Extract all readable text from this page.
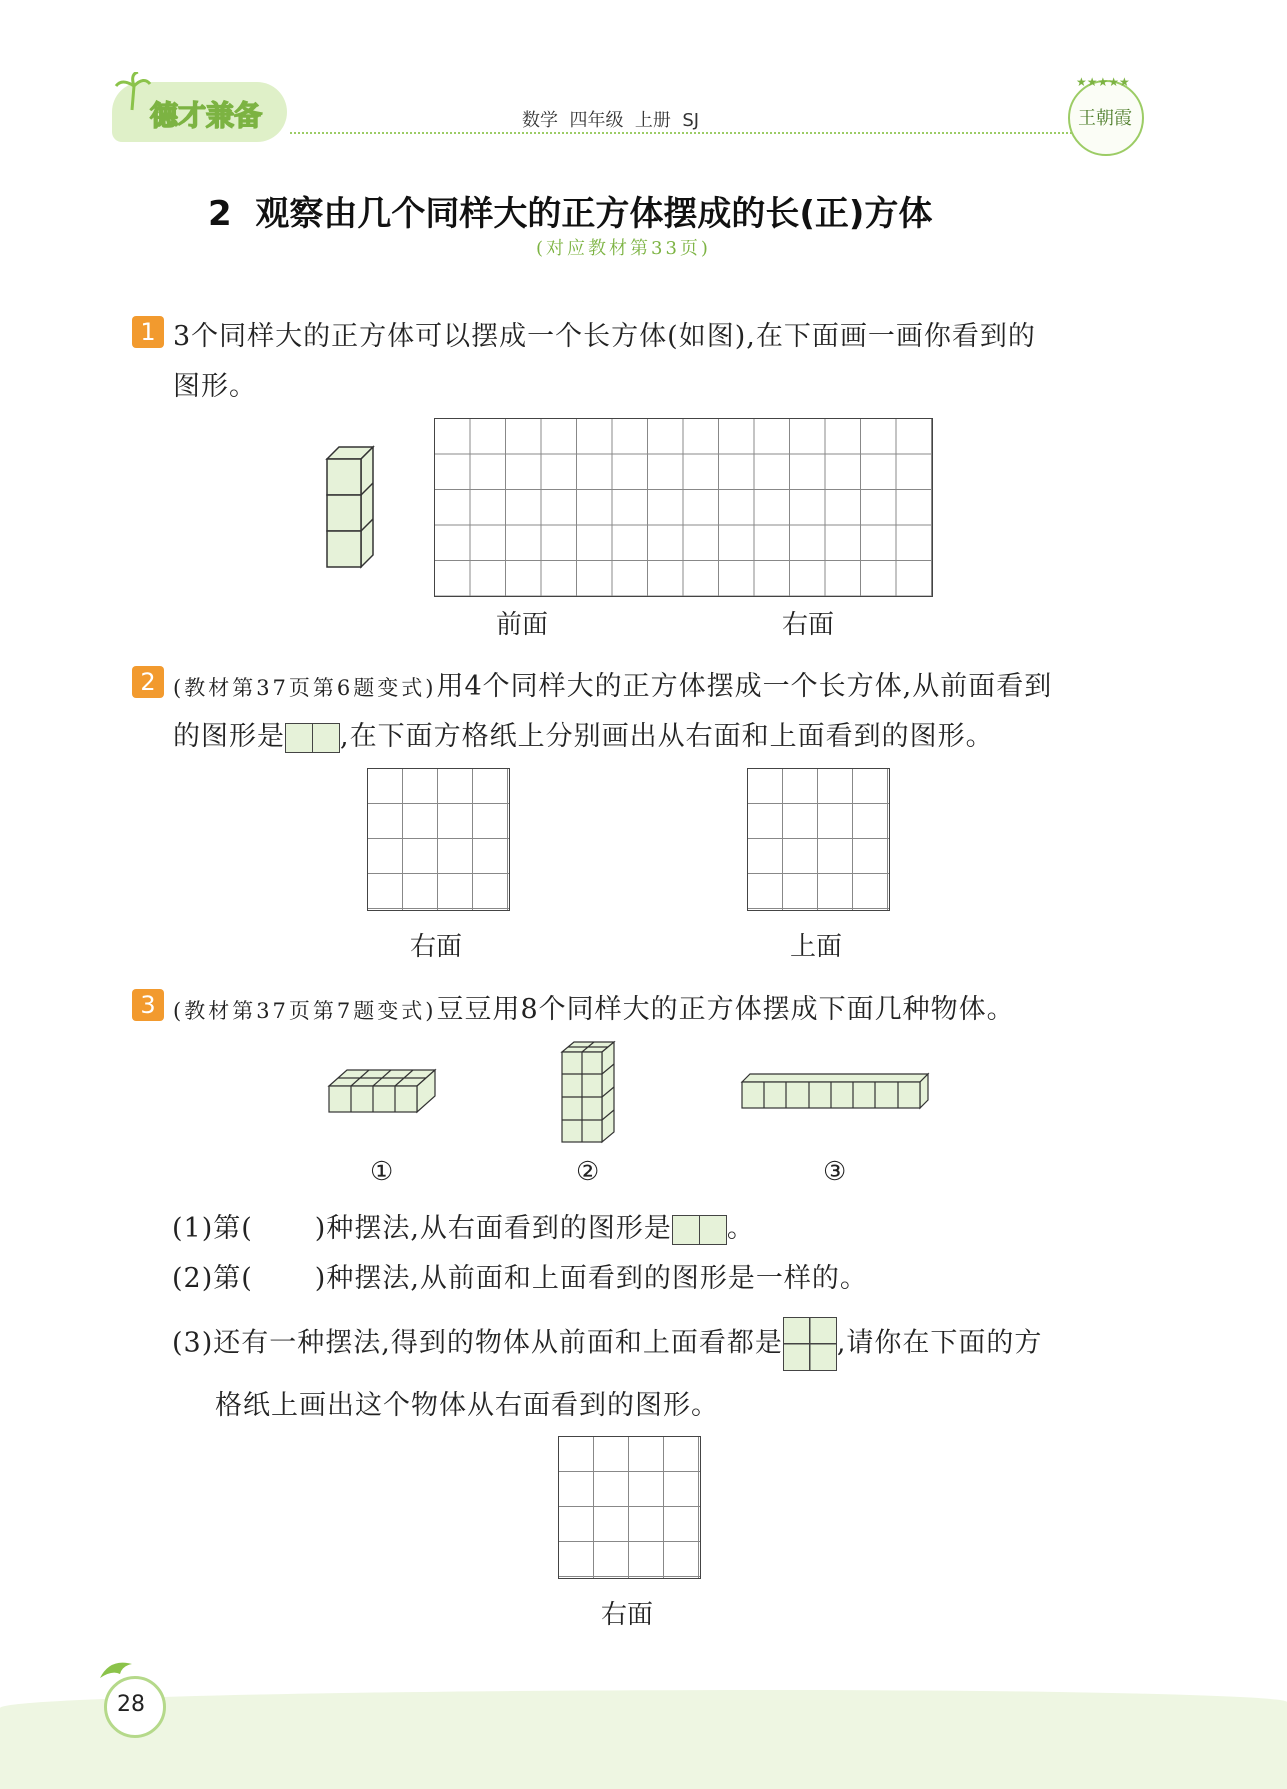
德才兼备	数学  四年级  上册  SJ
★★★★★
王朝霞
2  观察由几个同样大的正方体摆成的长(正)方体
(对应教材第33页)
1 3个同样大的正方体可以摆成一个长方体(如图),在下面画一画你看到的
图形。
前面	右面
2 (教材第37页第6题变式)用4个同样大的正方体摆成一个长方体,从前面看到
的图形是 ,在下面方格纸上分别画出从右面和上面看到的图形。
右面	上面
3 (教材第37页第7题变式)豆豆用8个同样大的正方体摆成下面几种物体。
①	②	③
(1)第( )种摆法,从右面看到的图形是 。
(2)第( )种摆法,从前面和上面看到的图形是一样的。
(3)还有一种摆法,得到的物体从前面和上面看都是 ,请你在下面的方
格纸上画出这个物体从右面看到的图形。
右面
28
